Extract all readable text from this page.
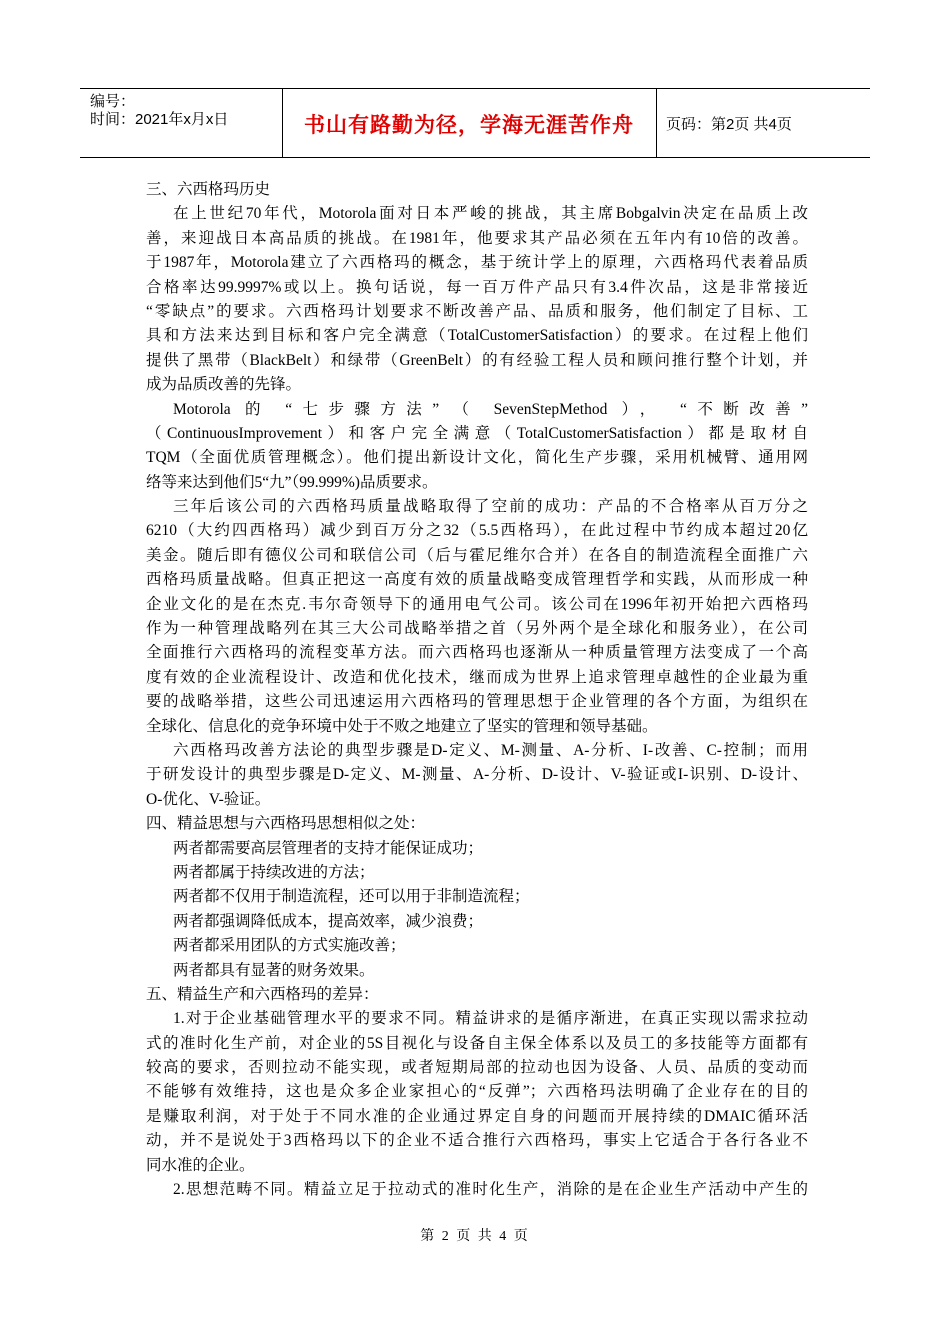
编号：
时间：2021年x月x日	书山有路勤为径，学海无涯苦作舟	页码：第2页 共4页
三、六西格玛历史
在上世纪70年代，Motorola面对日本严峻的挑战，其主席Bobgalvin决定在品质上改
善，来迎战日本高品质的挑战。在1981年，他要求其产品必须在五年内有10倍的改善。
于1987年，Motorola建立了六西格玛的概念，基于统计学上的原理，六西格玛代表着品质
合格率达99.9997%或以上。换句话说，每一百万件产品只有3.4件次品，这是非常接近
“零缺点”的要求。六西格玛计划要求不断改善产品、品质和服务，他们制定了目标、工
具和方法来达到目标和客户完全满意（TotalCustomerSatisfaction）的要求。在过程上他们
提供了黑带（BlackBelt）和绿带（GreenBelt）的有经验工程人员和顾问推行整个计划，并
成为品质改善的先锋。
Motorola 的 “七步骤方法” （ SevenStepMethod ）， “不断改善”
（ContinuousImprovement）和客户完全满意（TotalCustomerSatisfaction）都是取材自
TQM（全面优质管理概念）。他们提出新设计文化，简化生产步骤，采用机械臂、通用网
络等来达到他们5“九”（99.999%)品质要求。
三年后该公司的六西格玛质量战略取得了空前的成功：产品的不合格率从百万分之
6210（大约四西格玛）减少到百万分之32（5.5西格玛），在此过程中节约成本超过20亿
美金。随后即有德仪公司和联信公司（后与霍尼维尔合并）在各自的制造流程全面推广六
西格玛质量战略。但真正把这一高度有效的质量战略变成管理哲学和实践，从而形成一种
企业文化的是在杰克.韦尔奇领导下的通用电气公司。该公司在1996年初开始把六西格玛
作为一种管理战略列在其三大公司战略举措之首（另外两个是全球化和服务业），在公司
全面推行六西格玛的流程变革方法。而六西格玛也逐渐从一种质量管理方法变成了一个高
度有效的企业流程设计、改造和优化技术，继而成为世界上追求管理卓越性的企业最为重
要的战略举措，这些公司迅速运用六西格玛的管理思想于企业管理的各个方面，为组织在
全球化、信息化的竞争环境中处于不败之地建立了坚实的管理和领导基础。
六西格玛改善方法论的典型步骤是D-定义、M-测量、A-分析、I-改善、C-控制；而用
于研发设计的典型步骤是D-定义、M-测量、A-分析、D-设计、V-验证或I-识别、D-设计、
O-优化、V-验证。
四、精益思想与六西格玛思想相似之处：
两者都需要高层管理者的支持才能保证成功；
两者都属于持续改进的方法；
两者都不仅用于制造流程，还可以用于非制造流程；
两者都强调降低成本，提高效率，减少浪费；
两者都采用团队的方式实施改善；
两者都具有显著的财务效果。
五、精益生产和六西格玛的差异：
1.对于企业基础管理水平的要求不同。精益讲求的是循序渐进，在真正实现以需求拉动
式的准时化生产前，对企业的5S目视化与设备自主保全体系以及员工的多技能等方面都有
较高的要求，否则拉动不能实现，或者短期局部的拉动也因为设备、人员、品质的变动而
不能够有效维持，这也是众多企业家担心的“反弹”；六西格玛法明确了企业存在的目的
是赚取利润，对于处于不同水准的企业通过界定自身的问题而开展持续的DMAIC循环活
动，并不是说处于3西格玛以下的企业不适合推行六西格玛，事实上它适合于各行各业不
同水准的企业。
2.思想范畴不同。精益立足于拉动式的准时化生产，消除的是在企业生产活动中产生的
第 2 页 共 4 页
